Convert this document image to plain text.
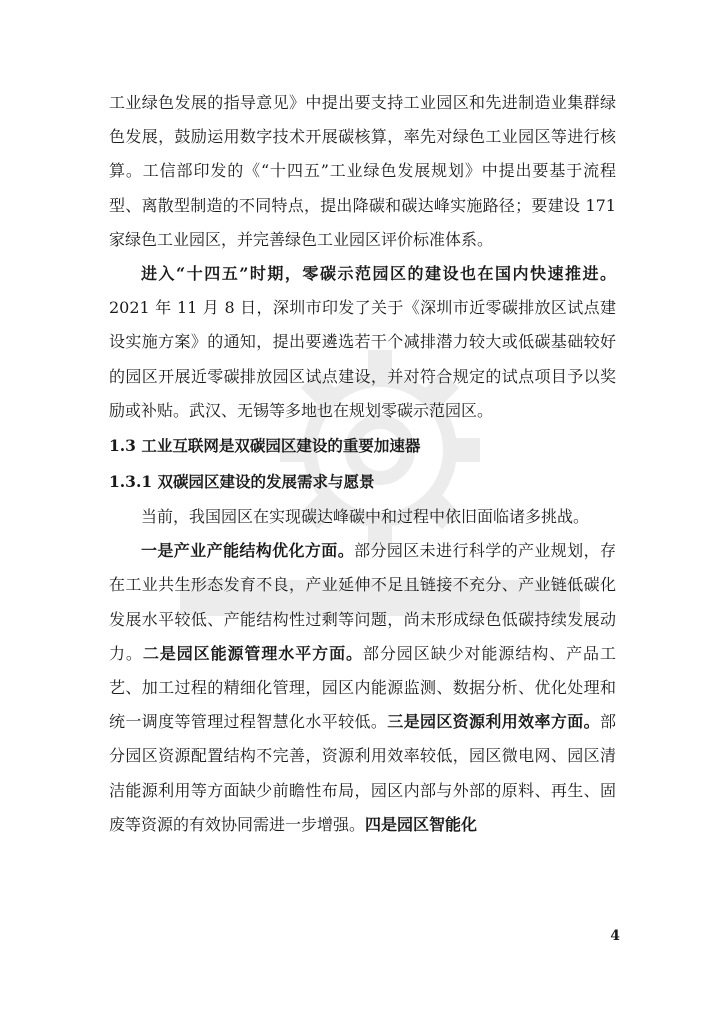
工业绿色发展的指导意见》中提出要支持工业园区和先进制造业集群绿色发展，鼓励运用数字技术开展碳核算，率先对绿色工业园区等进行核算。工信部印发的《“十四五”工业绿色发展规划》中提出要基于流程型、离散型制造的不同特点，提出降碳和碳达峰实施路径；要建设 171 家绿色工业园区，并完善绿色工业园区评价标准体系。

进入“十四五”时期，零碳示范园区的建设也在国内快速推进。2021 年 11 月 8 日，深圳市印发了关于《深圳市近零碳排放区试点建设实施方案》的通知，提出要遴选若干个减排潜力较大或低碳基础较好的园区开展近零碳排放园区试点建设，并对符合规定的试点项目予以奖励或补贴。武汉、无锡等多地也在规划零碳示范园区。

1.3 工业互联网是双碳园区建设的重要加速器
1.3.1 双碳园区建设的发展需求与愿景

当前，我国园区在实现碳达峰碳中和过程中依旧面临诸多挑战。

一是产业产能结构优化方面。部分园区未进行科学的产业规划，存在工业共生形态发育不良，产业延伸不足且链接不充分、产业链低碳化发展水平较低、产能结构性过剩等问题，尚未形成绿色低碳持续发展动力。二是园区能源管理水平方面。部分园区缺少对能源结构、产品工艺、加工过程的精细化管理，园区内能源监测、数据分析、优化处理和统一调度等管理过程智慧化水平较低。三是园区资源利用效率方面。部分园区资源配置结构不完善，资源利用效率较低，园区微电网、园区清洁能源利用等方面缺少前瞻性布局，园区内部与外部的原料、再生、固废等资源的有效协同需进一步增强。四是园区智能化

4
